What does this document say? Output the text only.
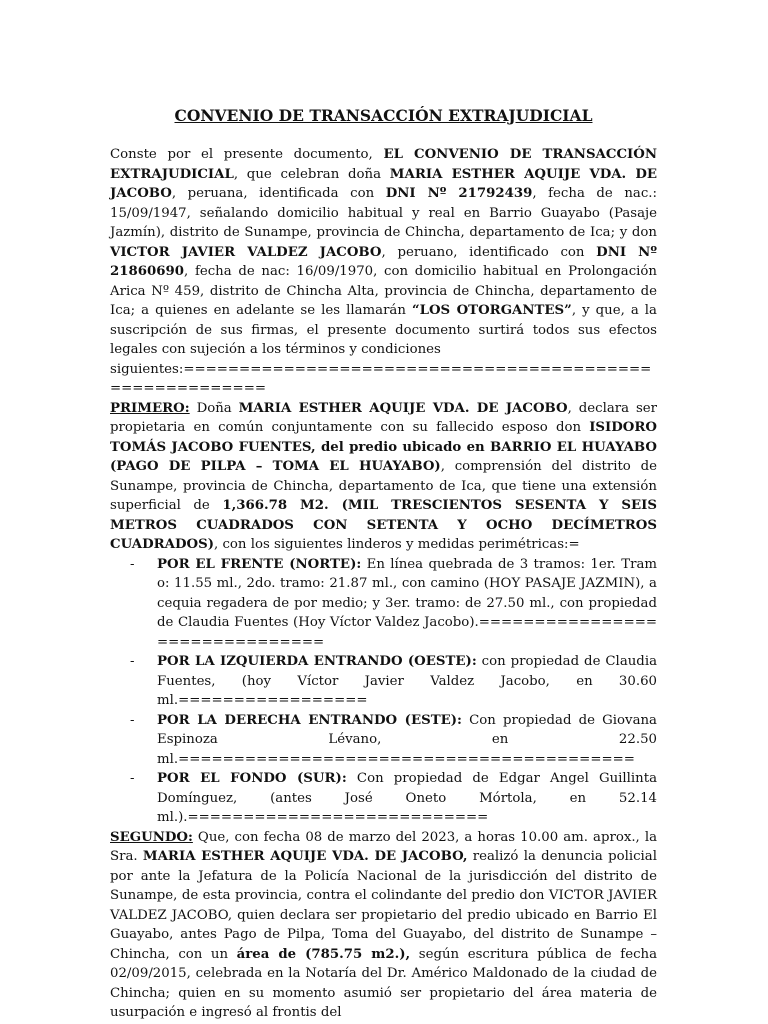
CONVENIO DE TRANSACCIÓN EXTRAJUDICIAL

Conste por el presente documento, EL CONVENIO DE TRANSACCIÓN EXTRAJUDICIAL, que celebran doña MARIA ESTHER AQUIJE VDA. DE JACOBO, peruana, identificada con DNI Nº 21792439, fecha de nac.: 15/09/1947, señalando domicilio habitual y real en Barrio Guayabo (Pasaje Jazmín), distrito de Sunampe, provincia de Chincha, departamento de Ica; y don VICTOR JAVIER VALDEZ JACOBO, peruano, identificado con DNI Nº 21860690, fecha de nac: 16/09/1970, con domicilio habitual en Prolongación Arica Nº 459, distrito de Chincha Alta, provincia de Chincha, departamento de Ica; a quienes en adelante se les llamarán “LOS OTORGANTES”, y que, a la suscripción de sus firmas, el presente documento surtirá todos sus efectos legales con sujeción a los términos y condiciones

siguientes:========================================================

PRIMERO: Doña MARIA ESTHER AQUIJE VDA. DE JACOBO, declara ser propietaria en común conjuntamente con su fallecido esposo don ISIDORO TOMÁS JACOBO FUENTES, del predio ubicado en BARRIO EL HUAYABO (PAGO DE PILPA – TOMA EL HUAYABO), comprensión del distrito de Sunampe, provincia de Chincha, departamento de Ica, que tiene una extensión superficial de 1,366.78 M2. (MIL TRESCIENTOS SESENTA Y SEIS METROS CUADRADOS CON SETENTA Y OCHO DECÍMETROS CUADRADOS), con los siguientes linderos y medidas perimétricas:=

- POR EL FRENTE (NORTE): En línea quebrada de 3 tramos: 1er. Tramo: 11.55 ml., 2do. tramo: 21.87 ml., con camino (HOY PASAJE JAZMIN), acequia regadera de por medio; y 3er. tramo: de 27.50 ml., con propiedad de Claudia Fuentes (Hoy Víctor Valdez Jacobo).===============================
- POR LA IZQUIERDA ENTRANDO (OESTE): con propiedad de Claudia Fuentes, (hoy Víctor Javier Valdez Jacobo, en 30.60 ml.=================
- POR LA DERECHA ENTRANDO (ESTE): Con propiedad de Giovana Espinoza Lévano, en 22.50 ml.=========================================
- POR EL FONDO (SUR): Con propiedad de Edgar Angel Guillinta Domínguez, (antes José Oneto Mórtola, en 52.14 ml.).===========================

SEGUNDO: Que, con fecha 08 de marzo del 2023, a horas 10.00 am. aprox., la Sra. MARIA ESTHER AQUIJE VDA. DE JACOBO, realizó la denuncia policial por ante la Jefatura de la Policía Nacional de la jurisdicción del distrito de Sunampe, de esta provincia, contra el colindante del predio don VICTOR JAVIER VALDEZ JACOBO, quien declara ser propietario del predio ubicado en Barrio El Guayabo, antes Pago de Pilpa, Toma del Guayabo, del distrito de Sunampe – Chincha, con un área de (785.75 m2.), según escritura pública de fecha 02/09/2015, celebrada en la Notaría del Dr. Américo Maldonado de la ciudad de Chincha; quien en su momento asumió ser propietario del área materia de usurpación e ingresó al frontis del
